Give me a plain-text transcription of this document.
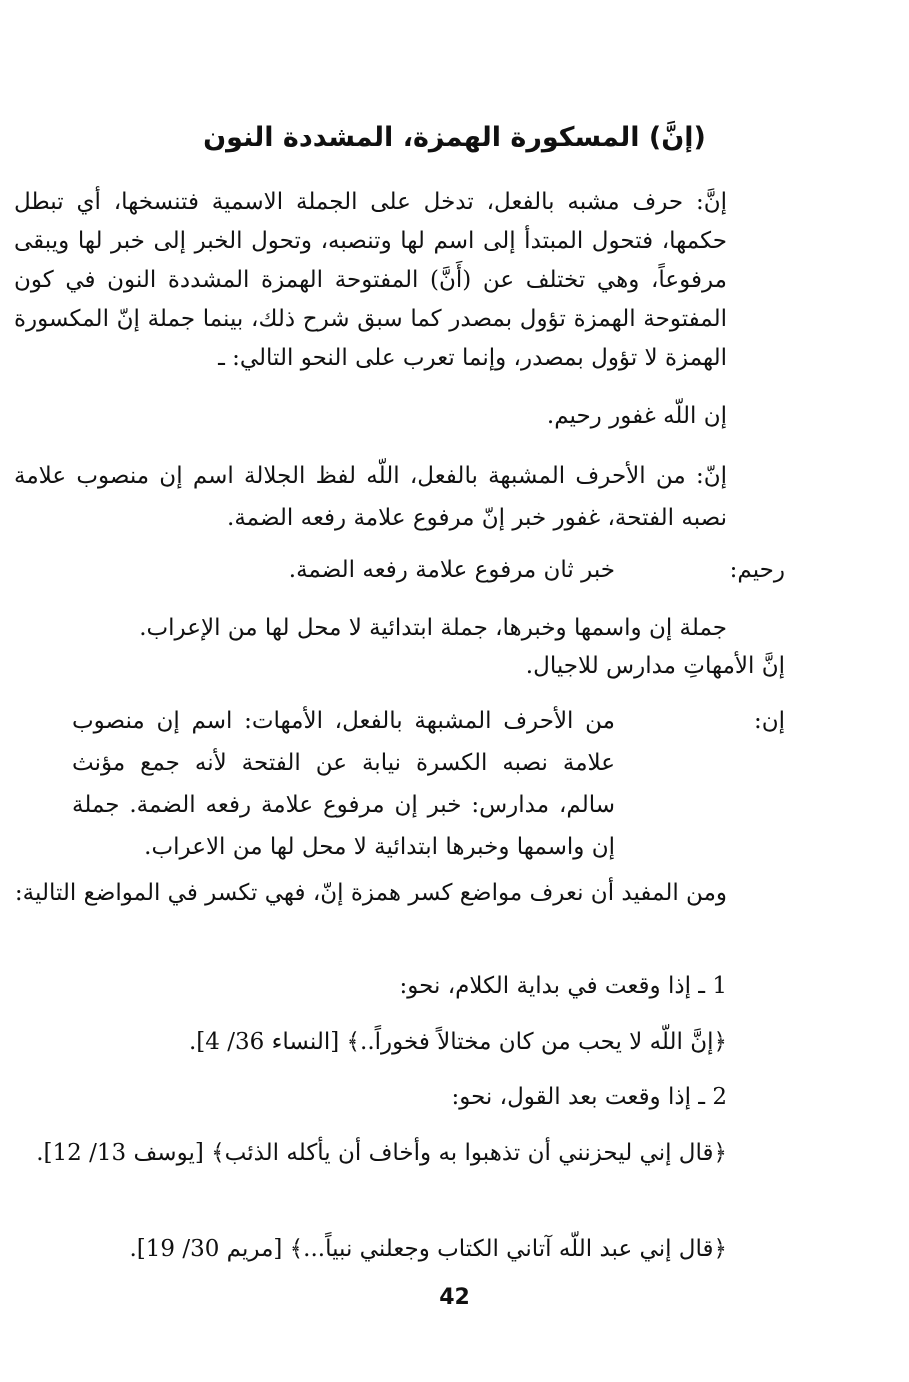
(إنَّ) المسكورة الهمزة، المشددة النون
إنَّ: حرف مشبه بالفعل، تدخل على الجملة الاسمية فتنسخها، أي تبطل حكمها، فتحول المبتدأ إلى اسم لها وتنصبه، وتحول الخبر إلى خبر لها ويبقى مرفوعاً، وهي تختلف عن (أَنَّ) المفتوحة الهمزة المشددة النون في كون المفتوحة الهمزة تؤول بمصدر كما سبق شرح ذلك، بينما جملة إنّ المكسورة الهمزة لا تؤول بمصدر، وإنما تعرب على النحو التالي: ـ
إن اللّه غفور رحيم.
إنّ: من الأحرف المشبهة بالفعل، اللّه لفظ الجلالة اسم إن منصوب علامة نصبه الفتحة، غفور خبر إنّ مرفوع علامة رفعه الضمة.
رحيم:
خبر ثان مرفوع علامة رفعه الضمة.
جملة إن واسمها وخبرها، جملة ابتدائية لا محل لها من الإعراب.
إنَّ الأمهاتِ مدارس للاجيال.
إن:
من الأحرف المشبهة بالفعل، الأمهات: اسم إن منصوب علامة نصبه الكسرة نيابة عن الفتحة لأنه جمع مؤنث سالم، مدارس: خبر إن مرفوع علامة رفعه الضمة. جملة إن واسمها وخبرها ابتدائية لا محل لها من الاعراب.
ومن المفيد أن نعرف مواضع كسر همزة إنّ، فهي تكسر في المواضع التالية:
1 ـ إذا وقعت في بداية الكلام، نحو:
﴿إنَّ اللّه لا يحب من كان مختالاً فخوراً..﴾ [النساء 36/ 4].
2 ـ إذا وقعت بعد القول، نحو:
﴿قال إني ليحزنني أن تذهبوا به وأخاف أن يأكله الذئب﴾ [يوسف 13/ 12].
﴿قال إني عبد اللّه آتاني الكتاب وجعلني نبياً...﴾ [مريم 30/ 19].
42
